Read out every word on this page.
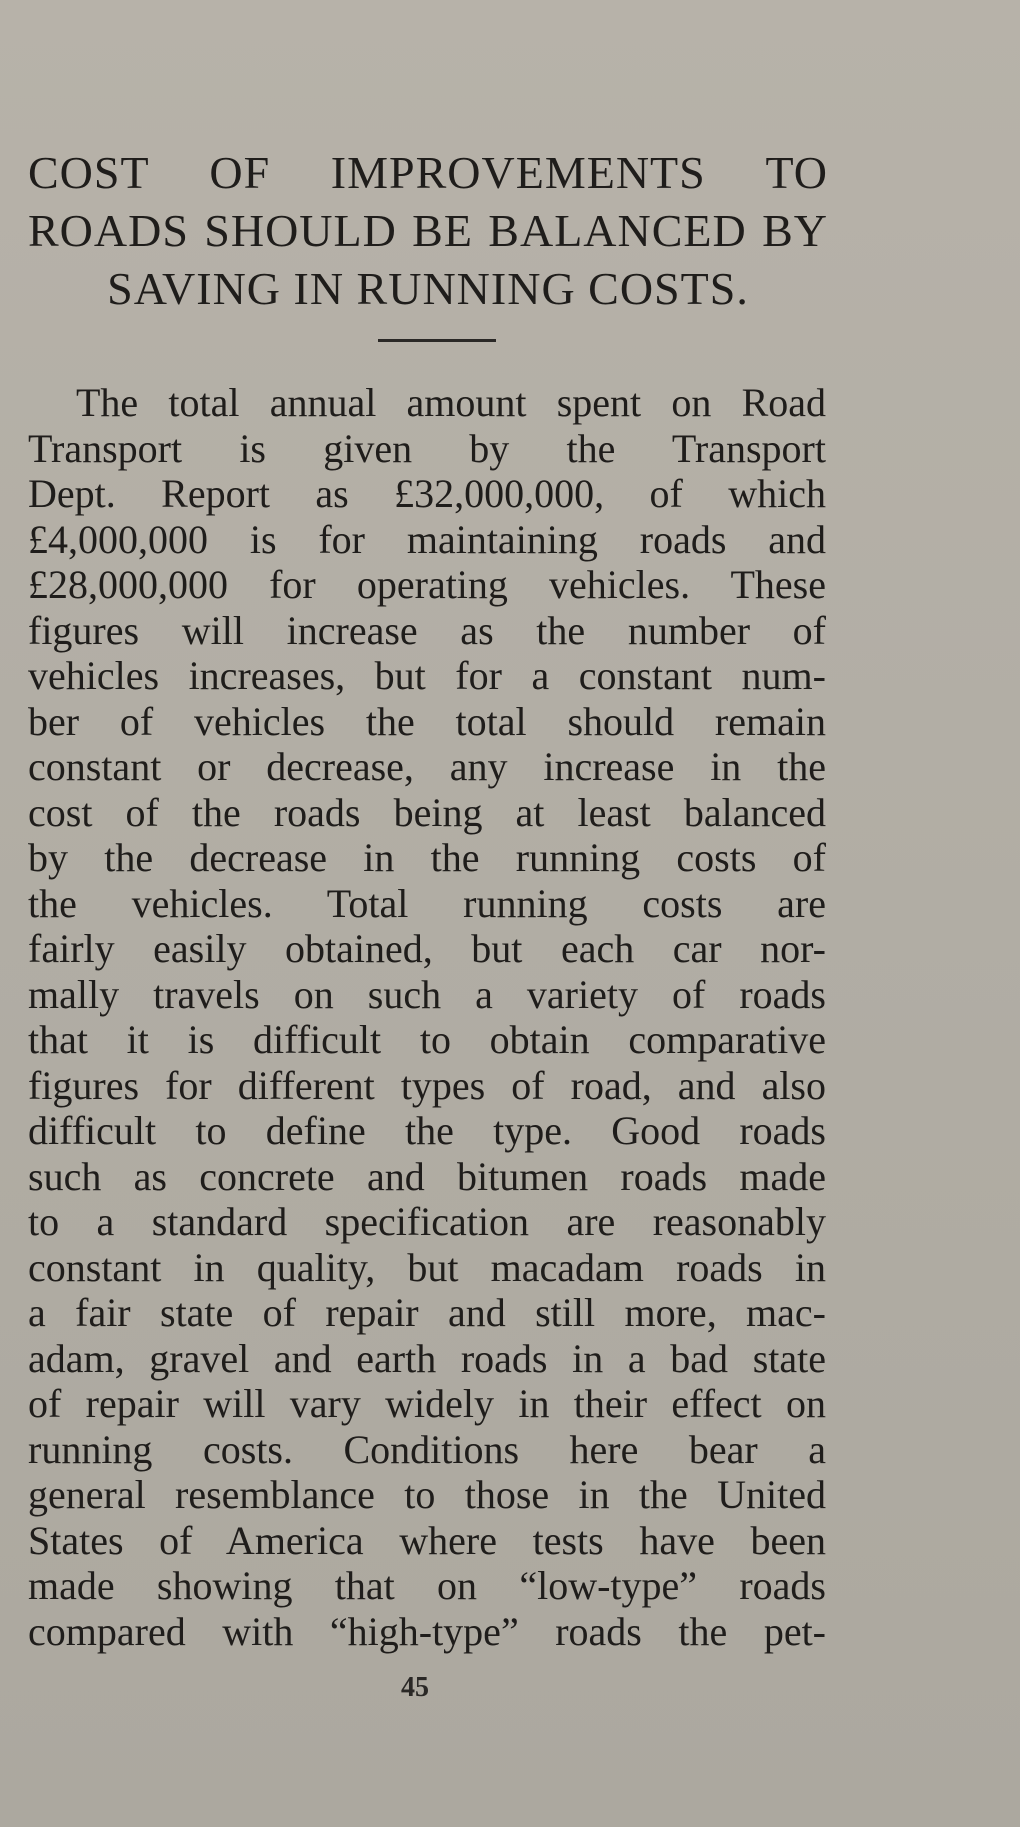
COST OF IMPROVEMENTS TO
ROADS SHOULD BE BALANCED BY
SAVING IN RUNNING COSTS.
The total annual amount spent on Road
Transport is given by the Transport
Dept. Report as £32,000,000, of which
£4,000,000 is for maintaining roads and
£28,000,000 for operating vehicles. These
figures will increase as the number of
vehicles increases, but for a constant num-
ber of vehicles the total should remain
constant or decrease, any increase in the
cost of the roads being at least balanced
by the decrease in the running costs of
the vehicles. Total running costs are
fairly easily obtained, but each car nor-
mally travels on such a variety of roads
that it is difficult to obtain comparative
figures for different types of road, and also
difficult to define the type. Good roads
such as concrete and bitumen roads made
to a standard specification are reasonably
constant in quality, but macadam roads in
a fair state of repair and still more, mac-
adam, gravel and earth roads in a bad state
of repair will vary widely in their effect on
running costs. Conditions here bear a
general resemblance to those in the United
States of America where tests have been
made showing that on “low-type” roads
compared with “high-type” roads the pet-
45
